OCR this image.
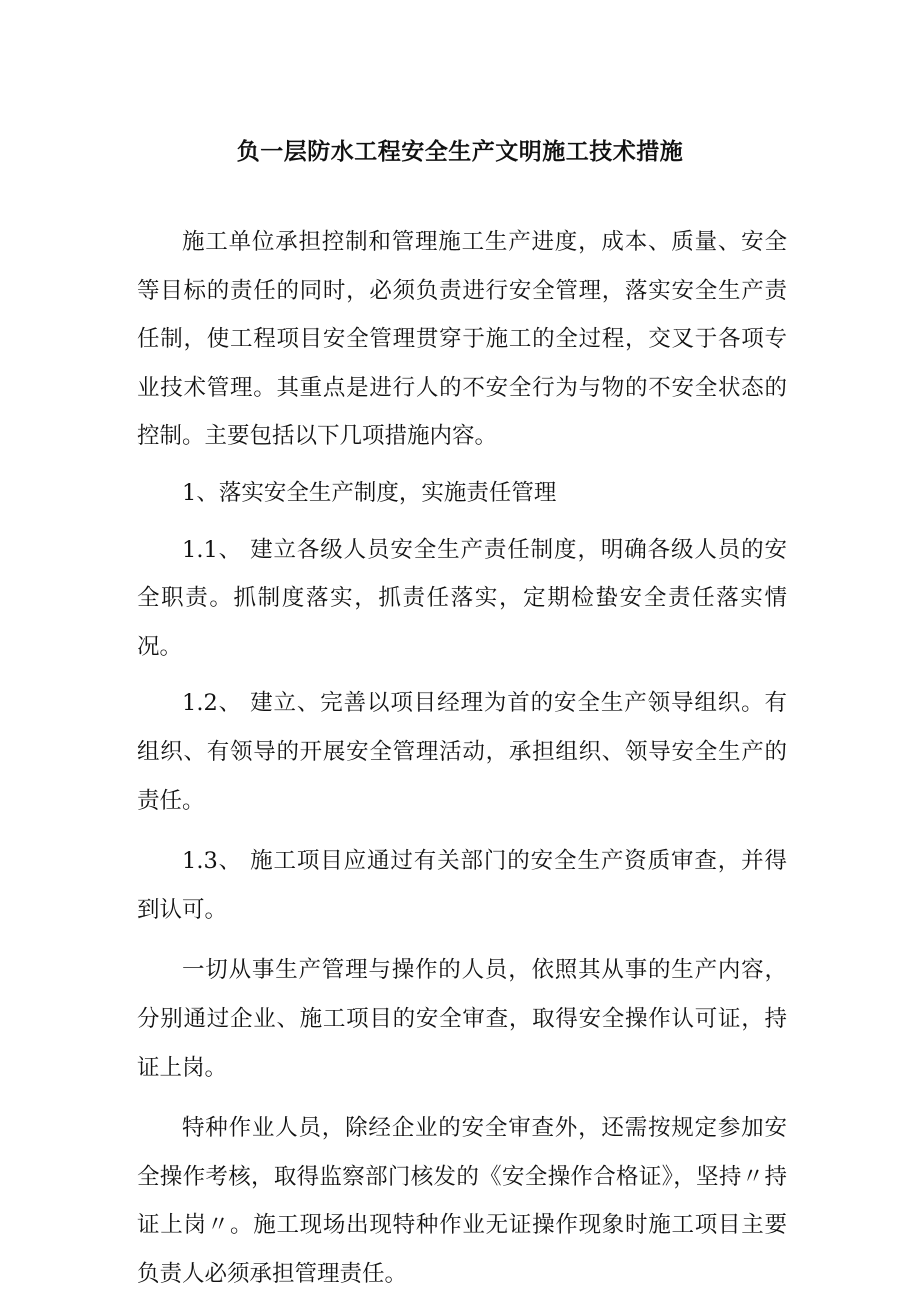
负一层防水工程安全生产文明施工技术措施

施工单位承担控制和管理施工生产进度，成本、质量、安全等目标的责任的同时，必须负责进行安全管理，落实安全生产责任制，使工程项目安全管理贯穿于施工的全过程，交叉于各项专业技术管理。其重点是进行人的不安全行为与物的不安全状态的控制。主要包括以下几项措施内容。

1、落实安全生产制度，实施责任管理

1.1、 建立各级人员安全生产责任制度，明确各级人员的安全职责。抓制度落实，抓责任落实，定期检蛰安全责任落实情况。

1.2、 建立、完善以项目经理为首的安全生产领导组织。有组织、有领导的开展安全管理活动，承担组织、领导安全生产的责任。

1.3、 施工项目应通过有关部门的安全生产资质审查，并得到认可。

一切从事生产管理与操作的人员，依照其从事的生产内容，分别通过企业、施工项目的安全审查，取得安全操作认可证，持证上岗。

特种作业人员，除经企业的安全审查外，还需按规定参加安全操作考核，取得监察部门核发的《安全操作合格证》，坚持〃持证上岗〃。施工现场出现特种作业无证操作现象时施工项目主要负责人必须承担管理责任。
